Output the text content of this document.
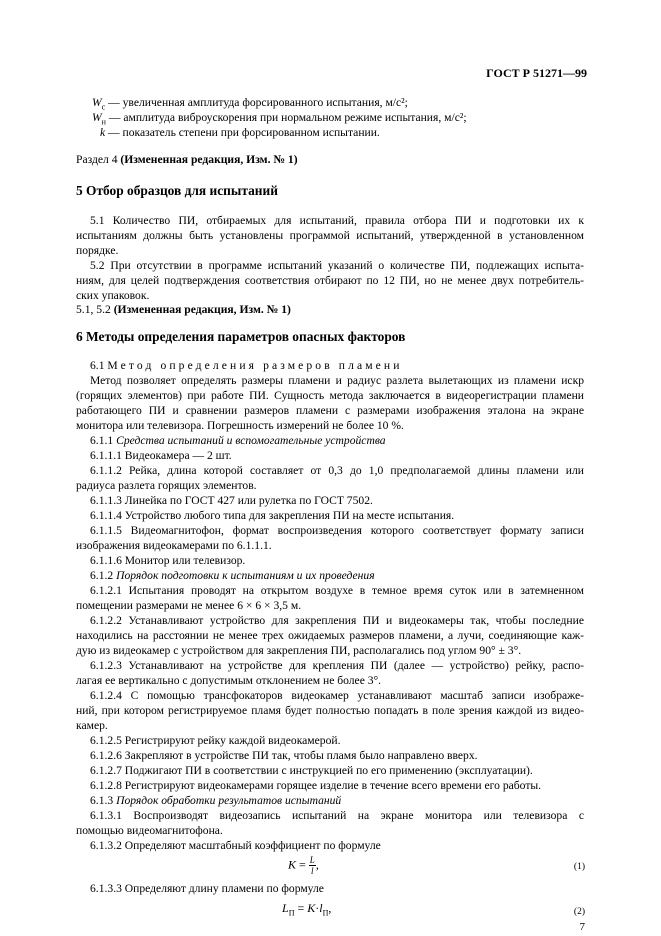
ГОСТ Р 51271—99
$W_c$ — увеличенная амплитуда форсированного испытания, м/с²;
$W_н$ — амплитуда виброускорения при нормальном режиме испытания, м/с²;
k — показатель степени при форсированном испытании.
Раздел 4 (Измененная редакция, Изм. № 1)
5 Отбор образцов для испытаний
5.1 Количество ПИ, отбираемых для испытаний, правила отбора ПИ и подготовки их к
испытаниям должны быть установлены программой испытаний, утвержденной в установленном
порядке.
5.2 При отсутствии в программе испытаний указаний о количестве ПИ, подлежащих испыта-
ниям, для целей подтверждения соответствия отбирают по 12 ПИ, но не менее двух потребитель-
ских упаковок.
5.1, 5.2 (Измененная редакция, Изм. № 1)
6 Методы определения параметров опасных факторов
6.1 Метод определения размеров пламени
Метод позволяет определять размеры пламени и радиус разлета вылетающих из пламени искр
(горящих элементов) при работе ПИ. Сущность метода заключается в видеорегистрации пламени
работающего ПИ и сравнении размеров пламени с размерами изображения эталона на экране
монитора или телевизора. Погрешность измерений не более 10 %.
6.1.1 Средства испытаний и вспомогательные устройства
6.1.1.1 Видеокамера — 2 шт.
6.1.1.2 Рейка, длина которой составляет от 0,3 до 1,0 предполагаемой длины пламени или
радиуса разлета горящих элементов.
6.1.1.3 Линейка по ГОСТ 427 или рулетка по ГОСТ 7502.
6.1.1.4 Устройство любого типа для закрепления ПИ на месте испытания.
6.1.1.5 Видеомагнитофон, формат воспроизведения которого соответствует формату записи
изображения видеокамерами по 6.1.1.1.
6.1.1.6 Монитор или телевизор.
6.1.2 Порядок подготовки к испытаниям и их проведения
6.1.2.1 Испытания проводят на открытом воздухе в темное время суток или в затемненном
помещении размерами не менее 6 × 6 × 3,5 м.
6.1.2.2 Устанавливают устройство для закрепления ПИ и видеокамеры так, чтобы последние
находились на расстоянии не менее трех ожидаемых размеров пламени, а лучи, соединяющие каж-
дую из видеокамер с устройством для закрепления ПИ, располагались под углом 90° ± 3°.
6.1.2.3 Устанавливают на устройстве для крепления ПИ (далее — устройство) рейку, распо-
лагая ее вертикально с допустимым отклонением не более 3°.
6.1.2.4 С помощью трансфокаторов видеокамер устанавливают масштаб записи изображе-
ний, при котором регистрируемое пламя будет полностью попадать в поле зрения каждой из видео-
камер.
6.1.2.5 Регистрируют рейку каждой видеокамерой.
6.1.2.6 Закрепляют в устройстве ПИ так, чтобы пламя было направлено вверх.
6.1.2.7 Поджигают ПИ в соответствии с инструкцией по его применению (эксплуатации).
6.1.2.8 Регистрируют видеокамерами горящее изделие в течение всего времени его работы.
6.1.3 Порядок обработки результатов испытаний
6.1.3.1 Воспроизводят видеозапись испытаний на экране монитора или телевизора с
помощью видеомагнитофона.
6.1.3.2 Определяют масштабный коэффициент по формуле
$K = \frac{L}{l}$ ,	(1)
6.1.3.3 Определяют длину пламени по формуле
$L_П = K\cdot l_П$,	(2)
7
